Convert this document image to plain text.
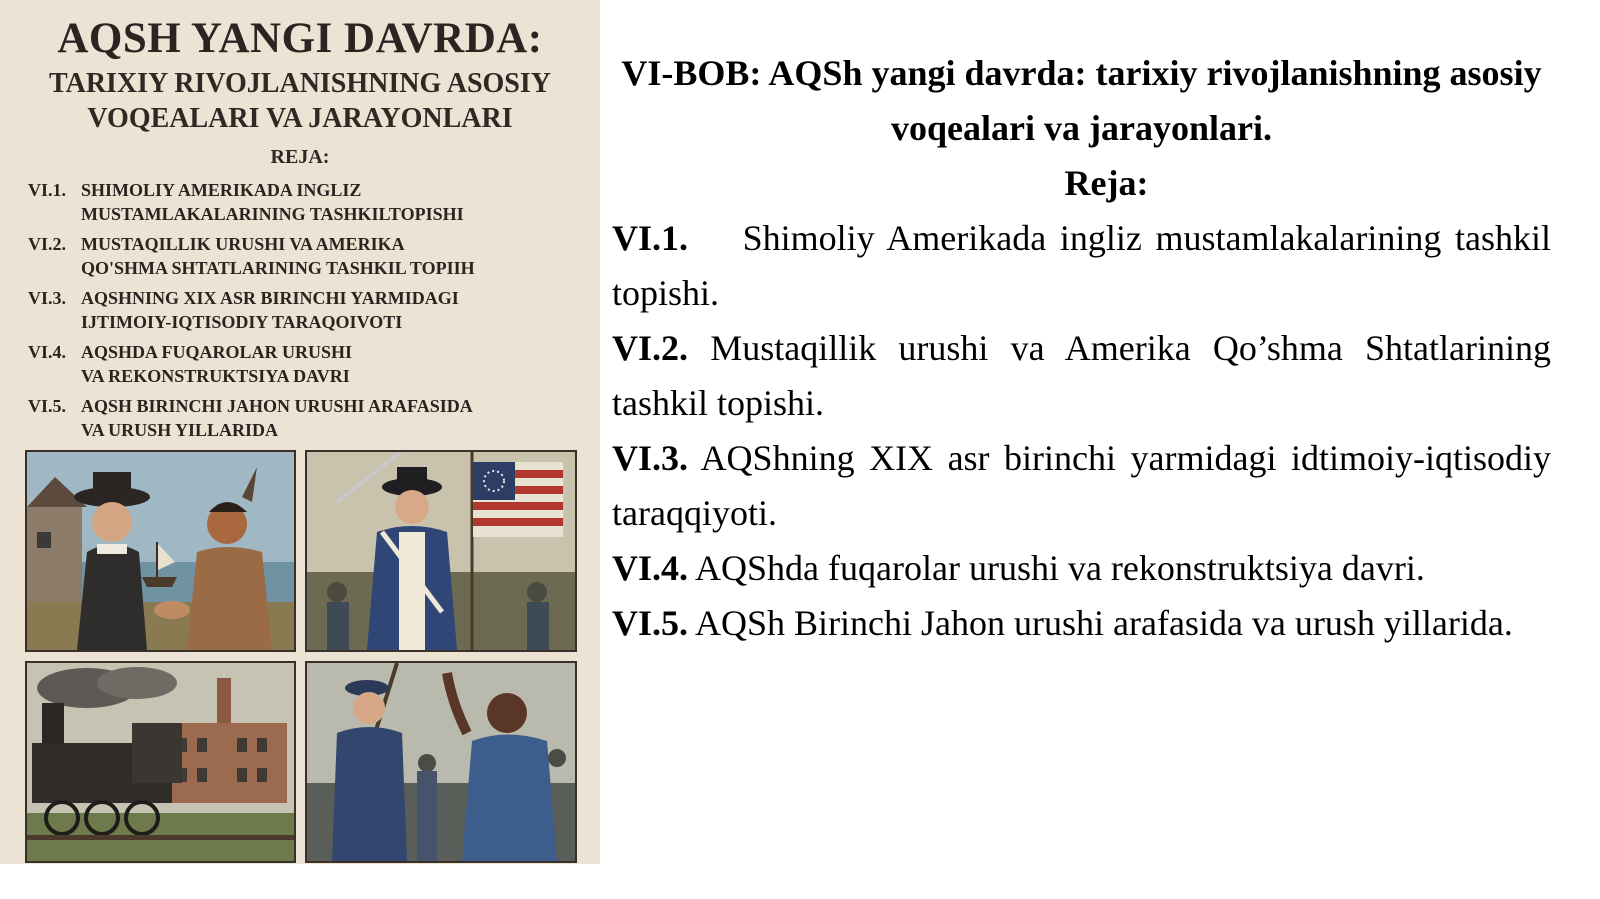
AQSH YANGI DAVRDA:
TARIXIY RIVOJLANISHNING ASOSIY
VOQEALARI VA JARAYONLARI
REJA:
VI.1. SHIMOLIY AMERIKADA INGLIZ
MUSTAMLAKALARINING TASHKILTOPISHI
VI.2. MUSTAQILLIK URUSHI VA AMERIKA
QO'SHMA SHTATLARINING TASHKIL TOPIIH
VI.3. AQSHNING XIX ASR BIRINCHI YARMIDAGI
IJTIMOIY-IQTISODIY TARAQOIVOTI
VI.4. AQSHDA FUQAROLAR URUSHI
VA REKONSTRUKTSIYA DAVRI
VI.5. AQSH BIRINCHI JAHON URUSHI ARAFASIDA
VA URUSH YILLARIDA

VI-BOB: AQSh yangi davrda: tarixiy rivojlanishning asosiy voqealari va jarayonlari.

Reja:

VI.1. Shimoliy Amerikada ingliz mustamlakalarining tashkil topishi.

VI.2. Mustaqillik urushi va Amerika Qo’shma Shtatlarining tashkil topishi.

VI.3. AQShning XIX asr birinchi yarmidagi idtimoiy-iqtisodiy taraqqiyoti.

VI.4. AQShda fuqarolar urushi va rekonstruktsiya davri.

VI.5. AQSh Birinchi Jahon urushi arafasida va urush yillarida.
